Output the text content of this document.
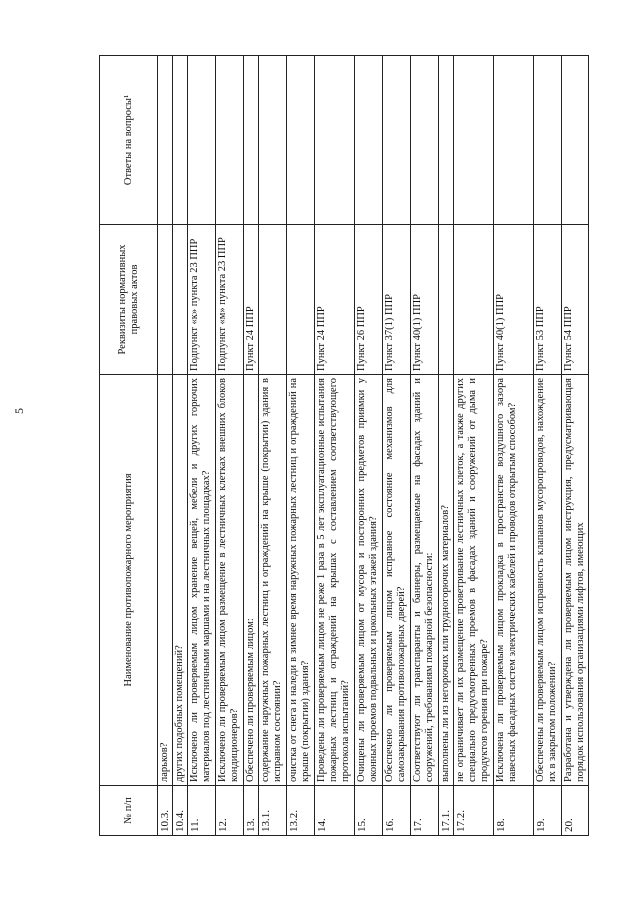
5
№ п/п	Наименование противопожарного мероприятия	Реквизиты нормативных правовых актов	Ответы на вопросы¹
10.3.	ларьков?		
10.4.	других подобных помещений?		
11.	Исключено ли проверяемым лицом хранение вещей, мебели и других горючих материалов под лестничными маршами и на лестничных площадках?	Подпункт «к» пункта 23 ППР	
12.	Исключено ли проверяемым лицом размещение в лестничных клетках внешних блоков кондиционеров?	Подпункт «м» пункта 23 ППР	
13.	Обеспечено ли проверяемым лицом:	Пункт 24 ППР	
13.1.	содержание наружных пожарных лестниц и ограждений на крыше (покрытии) здания в исправном состоянии?		
13.2.	очистка от снега и наледи в зимнее время наружных пожарных лестниц и ограждений на крыше (покрытии) здания?		
14.	Проведены ли проверяемым лицом не реже 1 раза в 5 лет эксплуатационные испытания пожарных лестниц и ограждений на крышах с составлением соответствующего протокола испытаний?	Пункт 24 ППР	
15.	Очищены ли проверяемым лицом от мусора и посторонних предметов приямки у оконных проемов подвальных и цокольных этажей здания?	Пункт 26 ППР	
16.	Обеспечено ли проверяемым лицом исправное состояние механизмов для самозакрывания противопожарных дверей?	Пункт 37(1) ППР	
17.	Соответствуют ли транспаранты и баннеры, размещаемые на фасадах зданий и сооружений, требованиям пожарной безопасности:	Пункт 40(1) ППР	
17.1.	выполнены ли из негорючих или трудногорючих материалов?		
17.2.	не ограничивает ли их размещение проветривание лестничных клеток, а также других специально предусмотренных проемов в фасадах зданий и сооружений от дыма и продуктов горения при пожаре?		
18.	Исключена ли проверяемым лицом прокладка в пространстве воздушного зазора навесных фасадных систем электрических кабелей и проводов открытым способом?	Пункт 40(1) ППР	
19.	Обеспечены ли проверяемым лицом исправность клапанов мусоропроводов, нахождение их в закрытом положении?	Пункт 53 ППР	
20.	Разработана и утверждена ли проверяемым лицом инструкция, предусматривающая порядок использования организациями лифтов, имеющих	Пункт 54 ППР	
